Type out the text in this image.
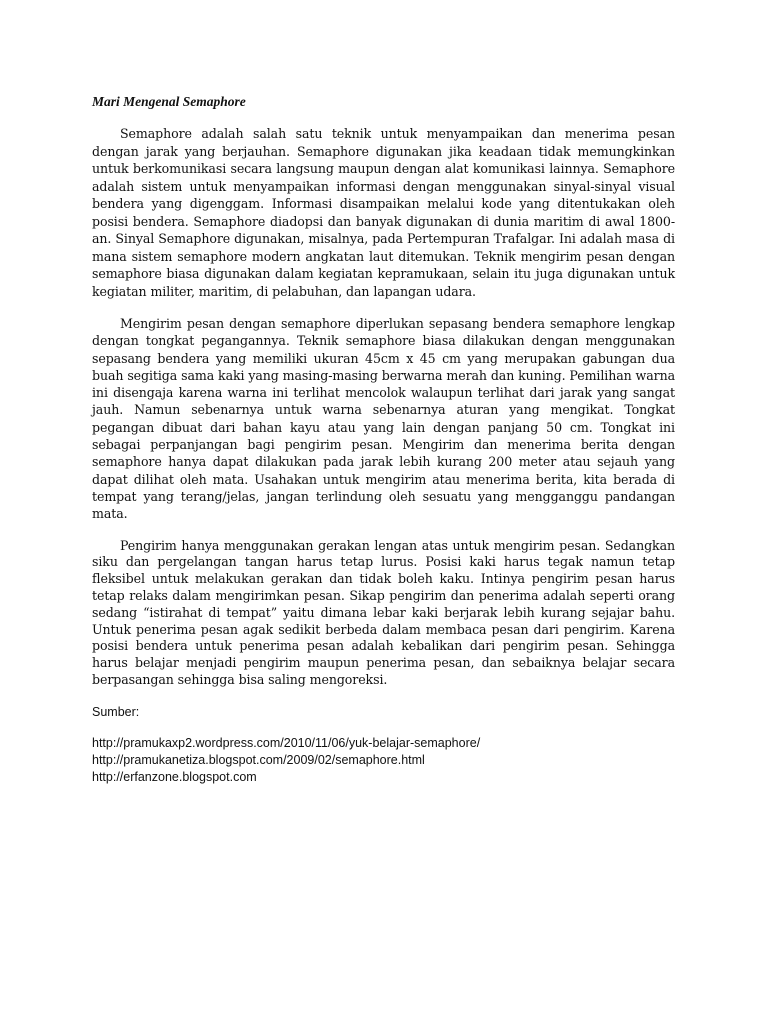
Mari Mengenal Semaphore

Semaphore adalah salah satu teknik untuk menyampaikan dan menerima pesan dengan jarak yang berjauhan. Semaphore digunakan jika keadaan tidak memungkinkan untuk berkomunikasi secara langsung maupun dengan alat komunikasi lainnya. Semaphore adalah sistem untuk menyampaikan informasi dengan menggunakan sinyal-sinyal visual bendera yang digenggam. Informasi disampaikan melalui kode yang ditentukakan oleh posisi bendera. Semaphore diadopsi dan banyak digunakan di dunia maritim di awal 1800-an. Sinyal Semaphore digunakan, misalnya, pada Pertempuran Trafalgar. Ini adalah masa di mana sistem semaphore modern angkatan laut ditemukan. Teknik mengirim pesan dengan semaphore biasa digunakan dalam kegiatan kepramukaan, selain itu juga digunakan untuk kegiatan militer, maritim, di pelabuhan, dan lapangan udara.

Mengirim pesan dengan semaphore diperlukan sepasang bendera semaphore lengkap dengan tongkat pegangannya. Teknik semaphore biasa dilakukan dengan menggunakan sepasang bendera yang memiliki ukuran 45cm x 45 cm yang merupakan gabungan dua buah segitiga sama kaki yang masing-masing berwarna merah dan kuning. Pemilihan warna ini disengaja karena warna ini terlihat mencolok walaupun terlihat dari jarak yang sangat jauh. Namun sebenarnya untuk warna sebenarnya aturan yang mengikat. Tongkat pegangan dibuat dari bahan kayu atau yang lain dengan panjang 50 cm. Tongkat ini sebagai perpanjangan bagi pengirim pesan. Mengirim dan menerima berita dengan semaphore hanya dapat dilakukan pada jarak lebih kurang 200 meter atau sejauh yang dapat dilihat oleh mata. Usahakan untuk mengirim atau menerima berita, kita berada di tempat yang terang/jelas, jangan terlindung oleh sesuatu yang mengganggu pandangan mata.

Pengirim hanya menggunakan gerakan lengan atas untuk mengirim pesan. Sedangkan siku dan pergelangan tangan harus tetap lurus. Posisi kaki harus tegak namun tetap fleksibel untuk melakukan gerakan dan tidak boleh kaku. Intinya pengirim pesan harus tetap relaks dalam mengirimkan pesan. Sikap pengirim dan penerima adalah seperti orang sedang “istirahat di tempat” yaitu dimana lebar kaki berjarak lebih kurang sejajar bahu. Untuk penerima pesan agak sedikit berbeda dalam membaca pesan dari pengirim. Karena posisi bendera untuk penerima pesan adalah kebalikan dari pengirim pesan. Sehingga harus belajar menjadi pengirim maupun penerima pesan, dan sebaiknya belajar secara berpasangan sehingga bisa saling mengoreksi.

Sumber:

http://pramukaxp2.wordpress.com/2010/11/06/yuk-belajar-semaphore/
http://pramukanetiza.blogspot.com/2009/02/semaphore.html
http://erfanzone.blogspot.com
